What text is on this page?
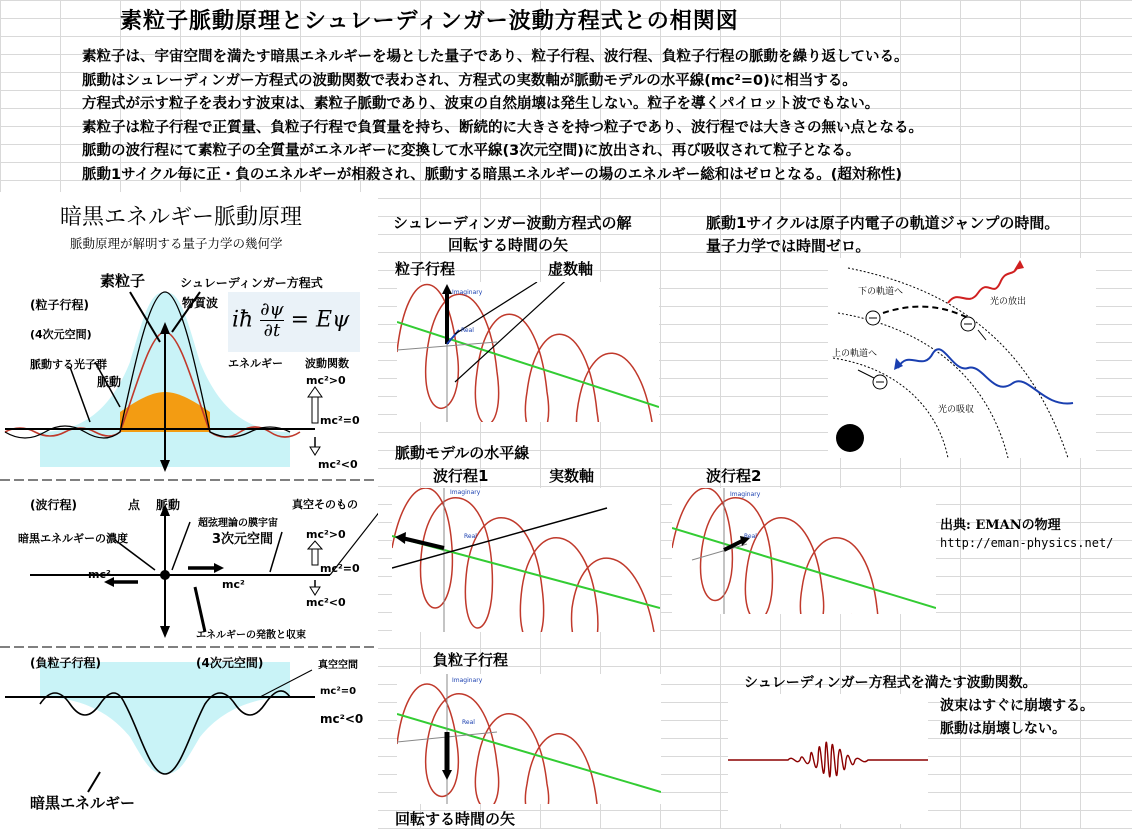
素粒子脈動原理とシュレーディンガー波動方程式との相関図
素粒子は、宇宙空間を満たす暗黒エネルギーを場とした量子であり、粒子行程、波行程、負粒子行程の脈動を繰り返している。
脈動はシュレーディンガー方程式の波動関数で表わされ、方程式の実数軸が脈動モデルの水平線(mc²=0)に相当する。
方程式が示す粒子を表わす波束は、素粒子脈動であり、波束の自然崩壊は発生しない。粒子を導くパイロット波でもない。
素粒子は粒子行程で正質量、負粒子行程で負質量を持ち、断続的に大きさを持つ粒子であり、波行程では大きさの無い点となる。
脈動の波行程にて素粒子の全質量がエネルギーに変換して水平線(3次元空間)に放出され、再び吸収されて粒子となる。
脈動1サイクル毎に正・負のエネルギーが相殺され、脈動する暗黒エネルギーの場のエネルギー総和はゼロとなる。(超対称性)
暗黒エネルギー脈動原理
脈動原理が解明する量子力学の幾何学
iħ $\frac{\partial\psi}{\partial t} = E\psi$
素粒子	シュレーディンガー方程式
物質波
(粒子行程)
(4次元空間)
脈動する光子群
脈動
エネルギー 波動関数
mc²>0
mc²=0
mc²<0
(波行程)	点 脈動
超弦理論の膜宇宙
3次元空間
真空そのもの
暗黒エネルギーの濃度
mc²
mc²
エネルギーの発散と収束
mc²>0
mc²=0
mc²<0
(負粒子行程)	(4次元空間)	真空空間
mc²=0
mc²<0
暗黒エネルギー
シュレーディンガー波動方程式の解
回転する時間の矢
粒子行程	虚数軸
Imaginary
Real
脈動モデルの水平線
波行程1	実数軸	波行程2
Imaginary
Real
Imaginary
Real
負粒子行程
Imaginary
Real
回転する時間の矢
脈動1サイクルは原子内電子の軌道ジャンプの時間。
量子力学では時間ゼロ。
下の軌道へ
光の放出
上の軌道へ
光の吸収
出典: EMANの物理
http://eman-physics.net/
シュレーディンガー方程式を満たす波動関数。
波束はすぐに崩壊する。
脈動は崩壊しない。
